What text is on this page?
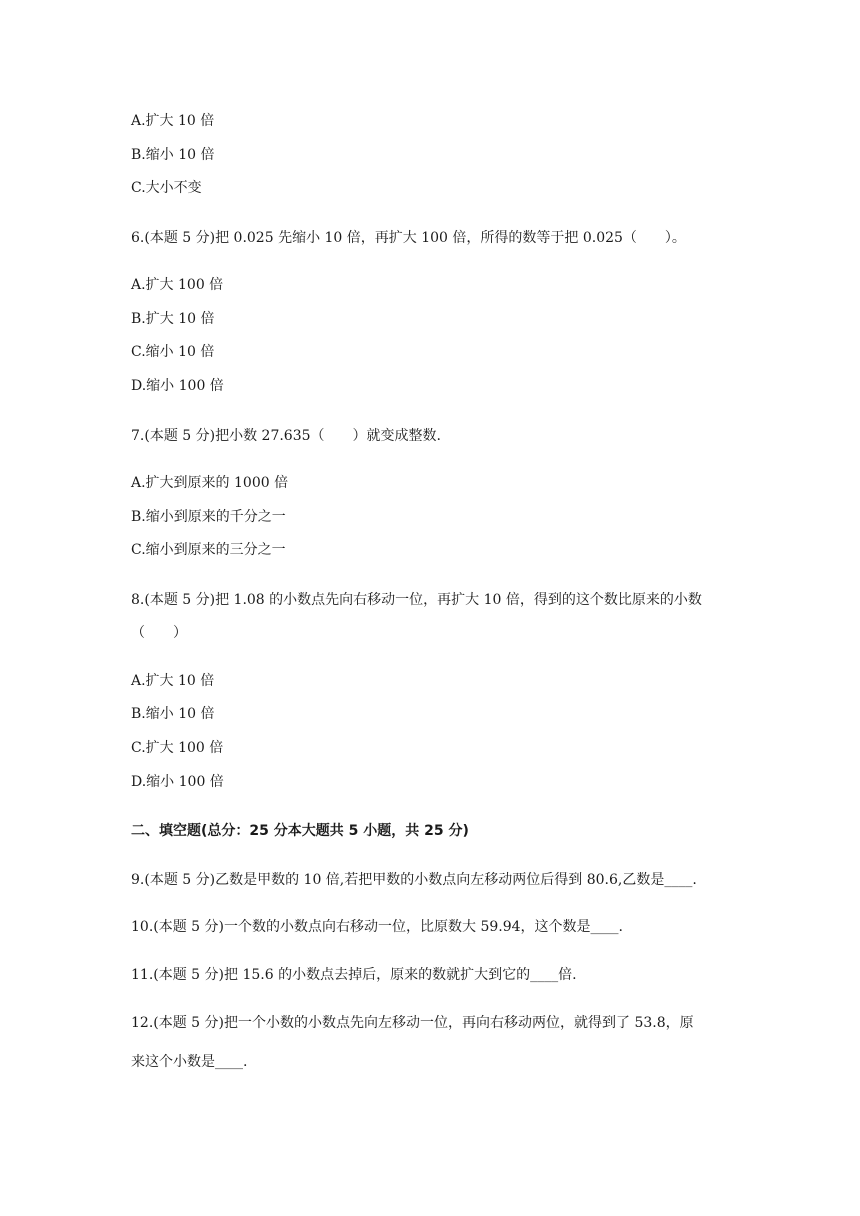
A.扩大 10 倍
B.缩小 10 倍
C.大小不变
6.(本题 5 分)把 0.025 先缩小 10 倍，再扩大 100 倍，所得的数等于把 0.025（　　）。
A.扩大 100 倍
B.扩大 10 倍
C.缩小 10 倍
D.缩小 100 倍
7.(本题 5 分)把小数 27.635（　　）就变成整数.
A.扩大到原来的 1000 倍
B.缩小到原来的千分之一
C.缩小到原来的三分之一
8.(本题 5 分)把 1.08 的小数点先向右移动一位，再扩大 10 倍，得到的这个数比原来的小数
（　　）
A.扩大 10 倍
B.缩小 10 倍
C.扩大 100 倍
D.缩小 100 倍
二、填空题(总分：25 分本大题共 5 小题，共 25 分)
9.(本题 5 分)乙数是甲数的 10 倍,若把甲数的小数点向左移动两位后得到 80.6,乙数是____.
10.(本题 5 分)一个数的小数点向右移动一位，比原数大 59.94，这个数是____.
11.(本题 5 分)把 15.6 的小数点去掉后，原来的数就扩大到它的____倍.
12.(本题 5 分)把一个小数的小数点先向左移动一位，再向右移动两位，就得到了 53.8，原
来这个小数是____.
